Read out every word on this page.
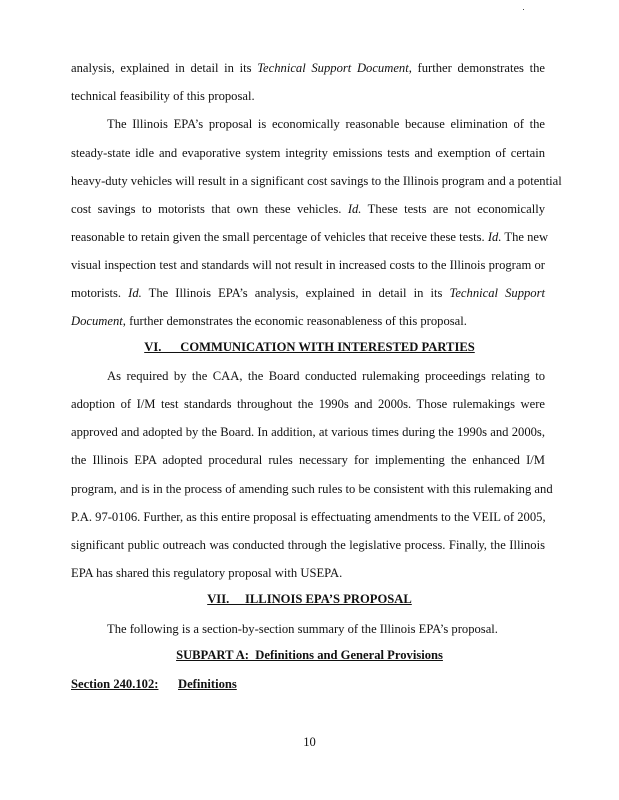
analysis, explained in detail in its Technical Support Document, further demonstrates the
technical feasibility of this proposal.
The Illinois EPA’s proposal is economically reasonable because elimination of the
steady-state idle and evaporative system integrity emissions tests and exemption of certain
heavy-duty vehicles will result in a significant cost savings to the Illinois program and a potential
cost savings to motorists that own these vehicles. Id. These tests are not economically
reasonable to retain given the small percentage of vehicles that receive these tests. Id. The new
visual inspection test and standards will not result in increased costs to the Illinois program or
motorists. Id. The Illinois EPA’s analysis, explained in detail in its Technical Support
Document, further demonstrates the economic reasonableness of this proposal.
As required by the CAA, the Board conducted rulemaking proceedings relating to
adoption of I/M test standards throughout the 1990s and 2000s. Those rulemakings were
approved and adopted by the Board. In addition, at various times during the 1990s and 2000s,
the Illinois EPA adopted procedural rules necessary for implementing the enhanced I/M
program, and is in the process of amending such rules to be consistent with this rulemaking and
P.A. 97-0106. Further, as this entire proposal is effectuating amendments to the VEIL of 2005,
significant public outreach was conducted through the legislative process. Finally, the Illinois
EPA has shared this regulatory proposal with USEPA.
The following is a section-by-section summary of the Illinois EPA’s proposal.
VI.      COMMUNICATION WITH INTERESTED PARTIES
VII.     ILLINOIS EPA’S PROPOSAL
SUBPART A:  Definitions and General Provisions
Section 240.102: Definitions
10
